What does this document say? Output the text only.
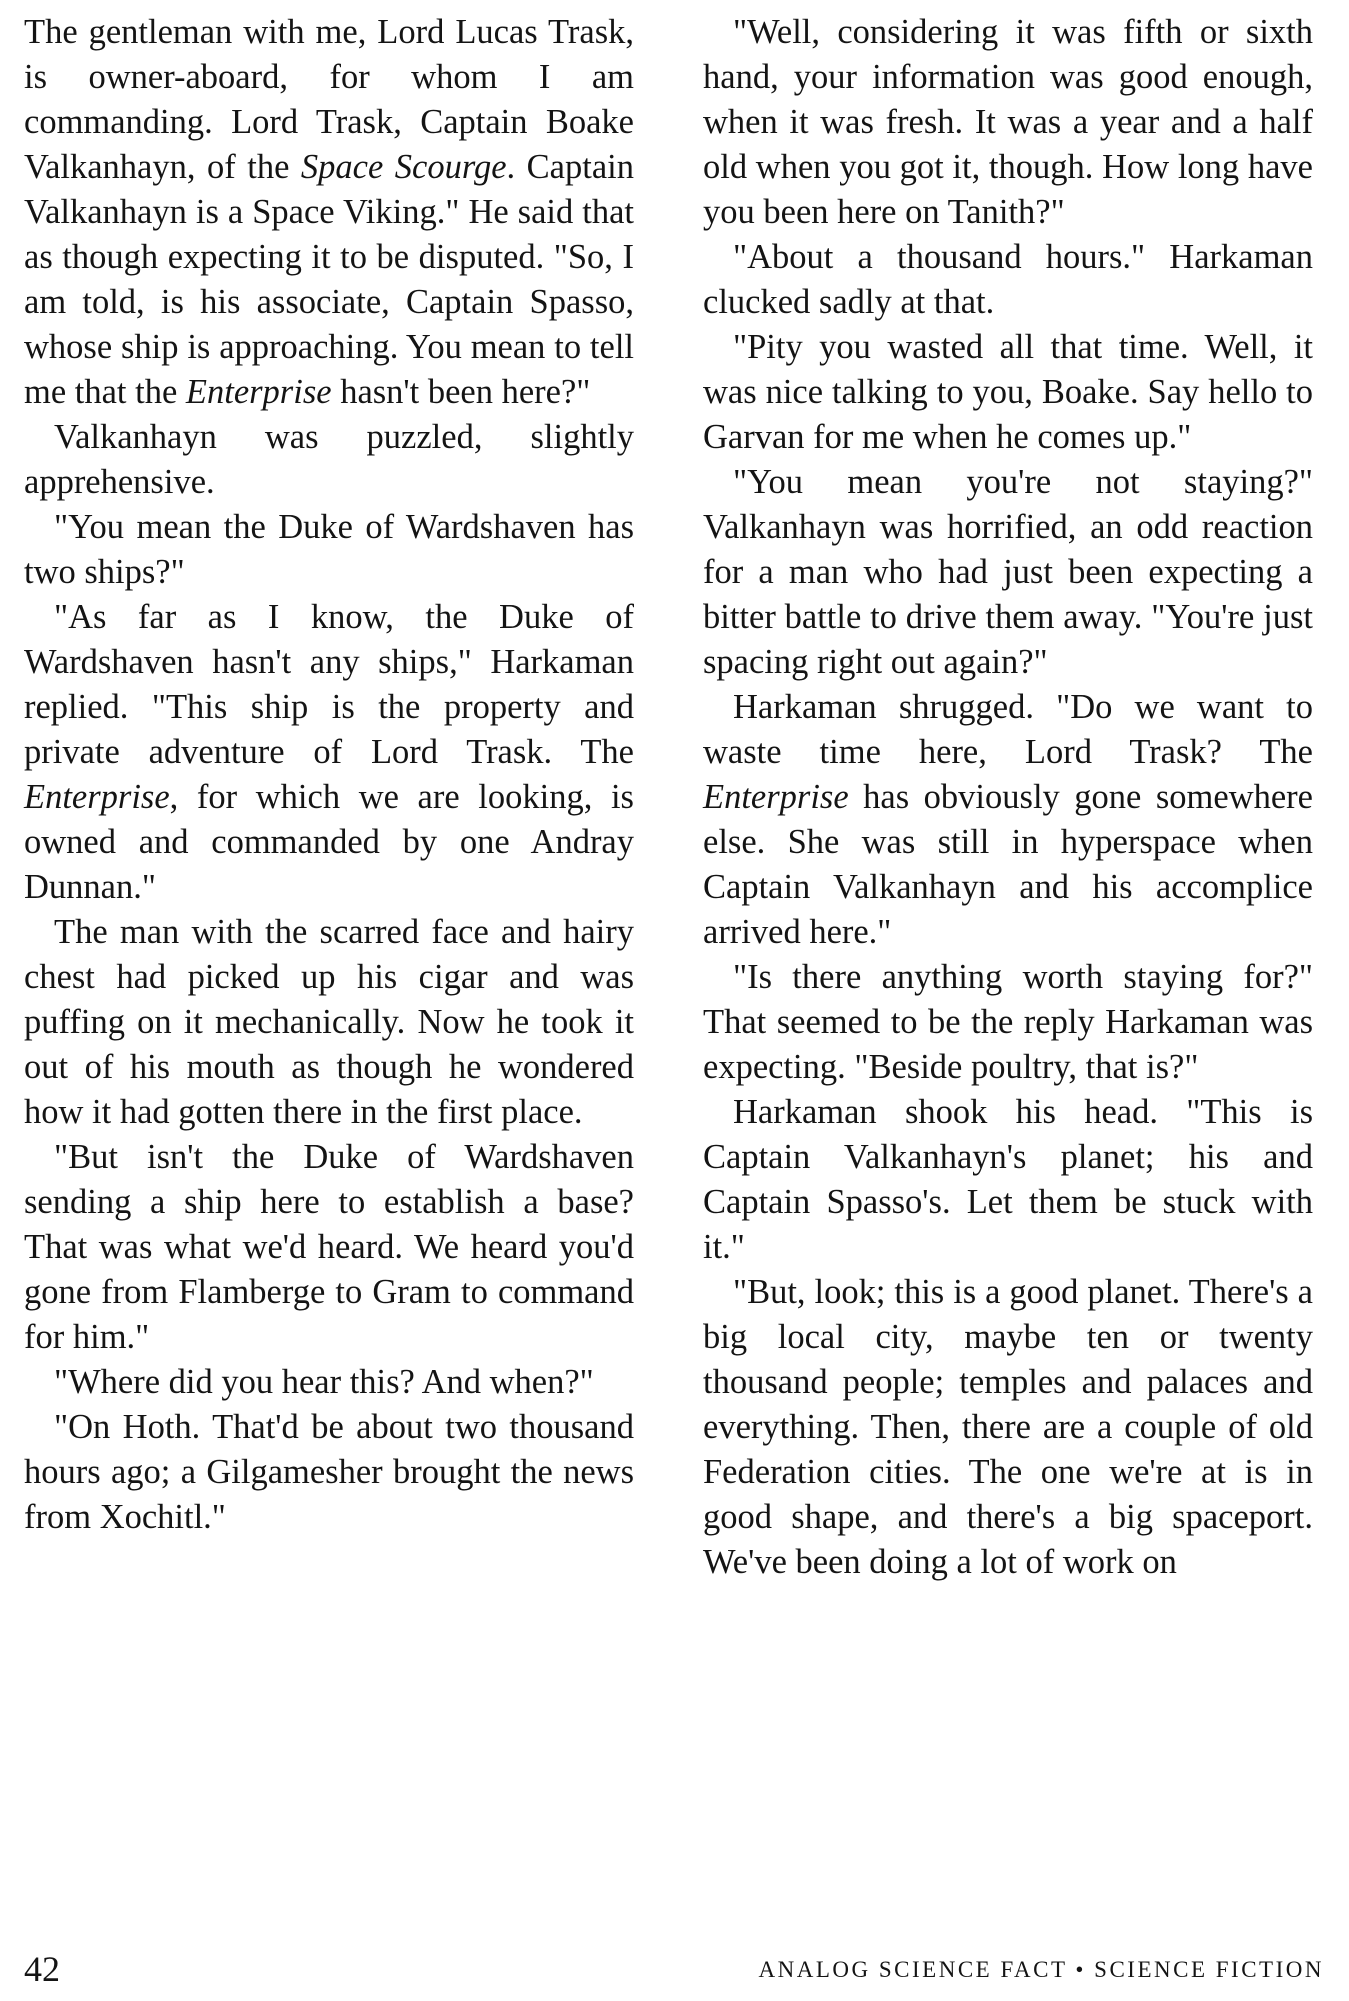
The gentleman with me, Lord Lucas Trask, is owner-aboard, for whom I am commanding. Lord Trask, Captain Boake Valkanhayn, of the Space Scourge. Captain Valkanhayn is a Space Viking." He said that as though expecting it to be disputed. "So, I am told, is his associate, Captain Spasso, whose ship is approaching. You mean to tell me that the Enterprise hasn't been here?"

Valkanhayn was puzzled, slightly apprehensive.

"You mean the Duke of Wardshaven has two ships?"

"As far as I know, the Duke of Wardshaven hasn't any ships," Harkaman replied. "This ship is the property and private adventure of Lord Trask. The Enterprise, for which we are looking, is owned and commanded by one Andray Dunnan."

The man with the scarred face and hairy chest had picked up his cigar and was puffing on it mechanically. Now he took it out of his mouth as though he wondered how it had gotten there in the first place.

"But isn't the Duke of Wardshaven sending a ship here to establish a base? That was what we'd heard. We heard you'd gone from Flamberge to Gram to command for him."

"Where did you hear this? And when?"

"On Hoth. That'd be about two thousand hours ago; a Gilgamesher brought the news from Xochitl."

"Well, considering it was fifth or sixth hand, your information was good enough, when it was fresh. It was a year and a half old when you got it, though. How long have you been here on Tanith?"

"About a thousand hours." Harkaman clucked sadly at that.

"Pity you wasted all that time. Well, it was nice talking to you, Boake. Say hello to Garvan for me when he comes up."

"You mean you're not staying?" Valkanhayn was horrified, an odd reaction for a man who had just been expecting a bitter battle to drive them away. "You're just spacing right out again?"

Harkaman shrugged. "Do we want to waste time here, Lord Trask? The Enterprise has obviously gone somewhere else. She was still in hyperspace when Captain Valkanhayn and his accomplice arrived here."

"Is there anything worth staying for?" That seemed to be the reply Harkaman was expecting. "Beside poultry, that is?"

Harkaman shook his head. "This is Captain Valkanhayn's planet; his and Captain Spasso's. Let them be stuck with it."

"But, look; this is a good planet. There's a big local city, maybe ten or twenty thousand people; temples and palaces and everything. Then, there are a couple of old Federation cities. The one we're at is in good shape, and there's a big spaceport. We've been doing a lot of work on

42	ANALOG SCIENCE FACT • SCIENCE FICTION
